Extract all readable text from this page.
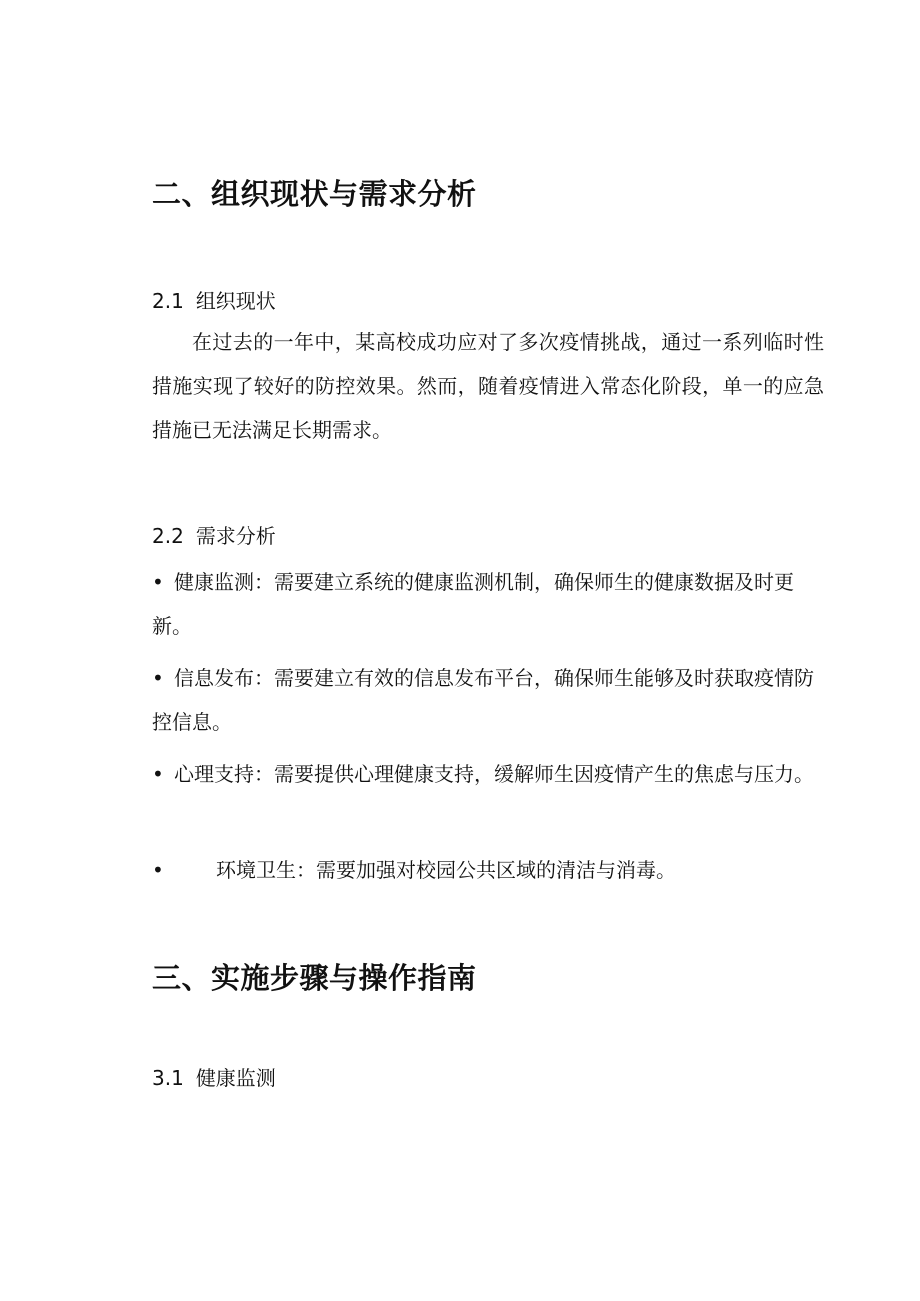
二、组织现状与需求分析
2.1 组织现状
在过去的一年中，某高校成功应对了多次疫情挑战，通过一系列临时性措施实现了较好的防控效果。然而，随着疫情进入常态化阶段，单一的应急措施已无法满足长期需求。
2.2 需求分析
• 健康监测：需要建立系统的健康监测机制，确保师生的健康数据及时更新。
• 信息发布：需要建立有效的信息发布平台，确保师生能够及时获取疫情防控信息。
• 心理支持：需要提供心理健康支持，缓解师生因疫情产生的焦虑与压力。
•	环境卫生：需要加强对校园公共区域的清洁与消毒。
三、实施步骤与操作指南
3.1 健康监测
